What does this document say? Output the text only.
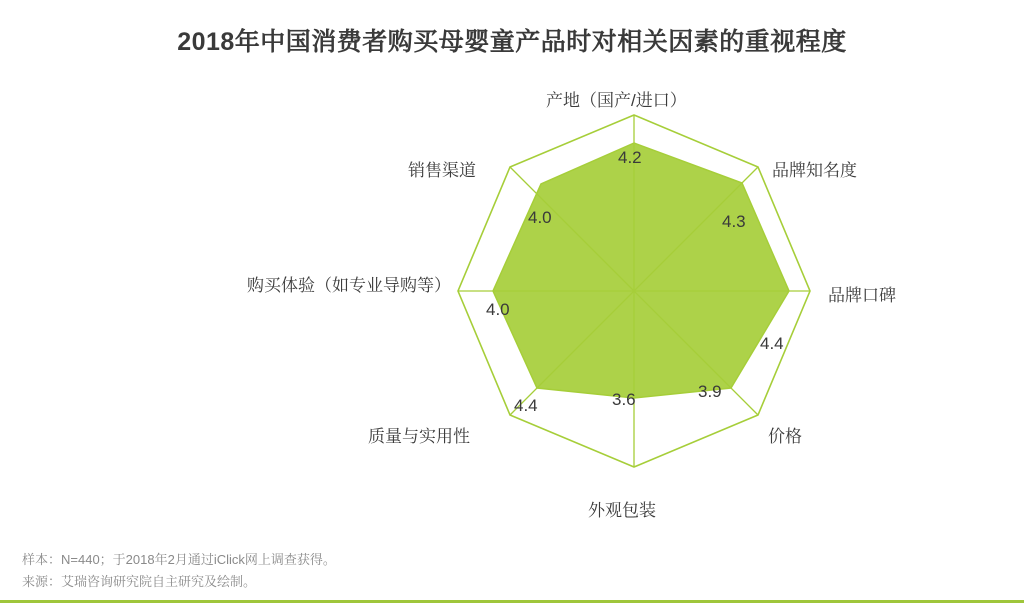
2018年中国消费者购买母婴童产品时对相关因素的重视程度
产地（国产/进口）
品牌知名度
品牌口碑
价格
外观包装
质量与实用性
购买体验（如专业导购等）
销售渠道
4.2
4.3
4.4
3.9
3.6
4.4
4.0
4.0
样本：N=440；于2018年2月通过iClick网上调查获得。
来源：艾瑞咨询研究院自主研究及绘制。
